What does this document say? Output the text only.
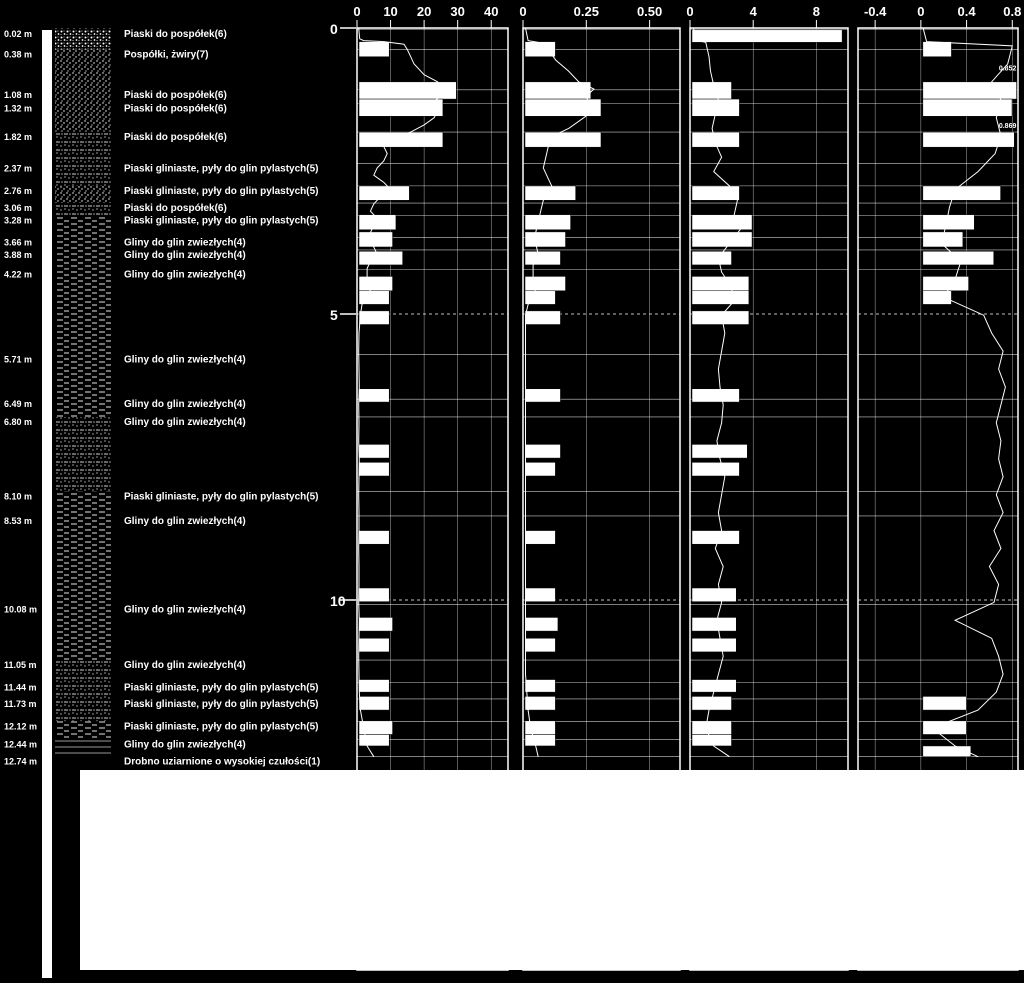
0.02 m	Piaski do pospółek(6)
0.38 m	Pospółki, żwiry(7)
1.08 m	Piaski do pospółek(6)
1.32 m	Piaski do pospółek(6)
1.82 m	Piaski do pospółek(6)
2.37 m	Piaski gliniaste, pyły do glin pylastych(5)
2.76 m	Piaski gliniaste, pyły do glin pylastych(5)
3.06 m	Piaski do pospółek(6)
3.28 m	Piaski gliniaste, pyły do glin pylastych(5)
3.66 m	Gliny do glin zwiezłych(4)
3.88 m	Gliny do glin zwiezłych(4)
4.22 m	Gliny do glin zwiezłych(4)
5.71 m	Gliny do glin zwiezłych(4)
6.49 m	Gliny do glin zwiezłych(4)
6.80 m	Gliny do glin zwiezłych(4)
8.10 m	Piaski gliniaste, pyły do glin pylastych(5)
8.53 m	Gliny do glin zwiezłych(4)
10.08 m	Gliny do glin zwiezłych(4)
11.05 m	Gliny do glin zwiezłych(4)
11.44 m	Piaski gliniaste, pyły do glin pylastych(5)
11.73 m	Piaski gliniaste, pyły do glin pylastych(5)
12.12 m	Piaski gliniaste, pyły do glin pylastych(5)
12.44 m	Gliny do glin zwiezłych(4)
12.74 m	Drobno uziarnione o wysokiej czułości(1)
0
5
10
0 10 20 30 40 0	0.25	0.50 0	4	8	-0.4 0	0.4 0.8
0.852
0.869
